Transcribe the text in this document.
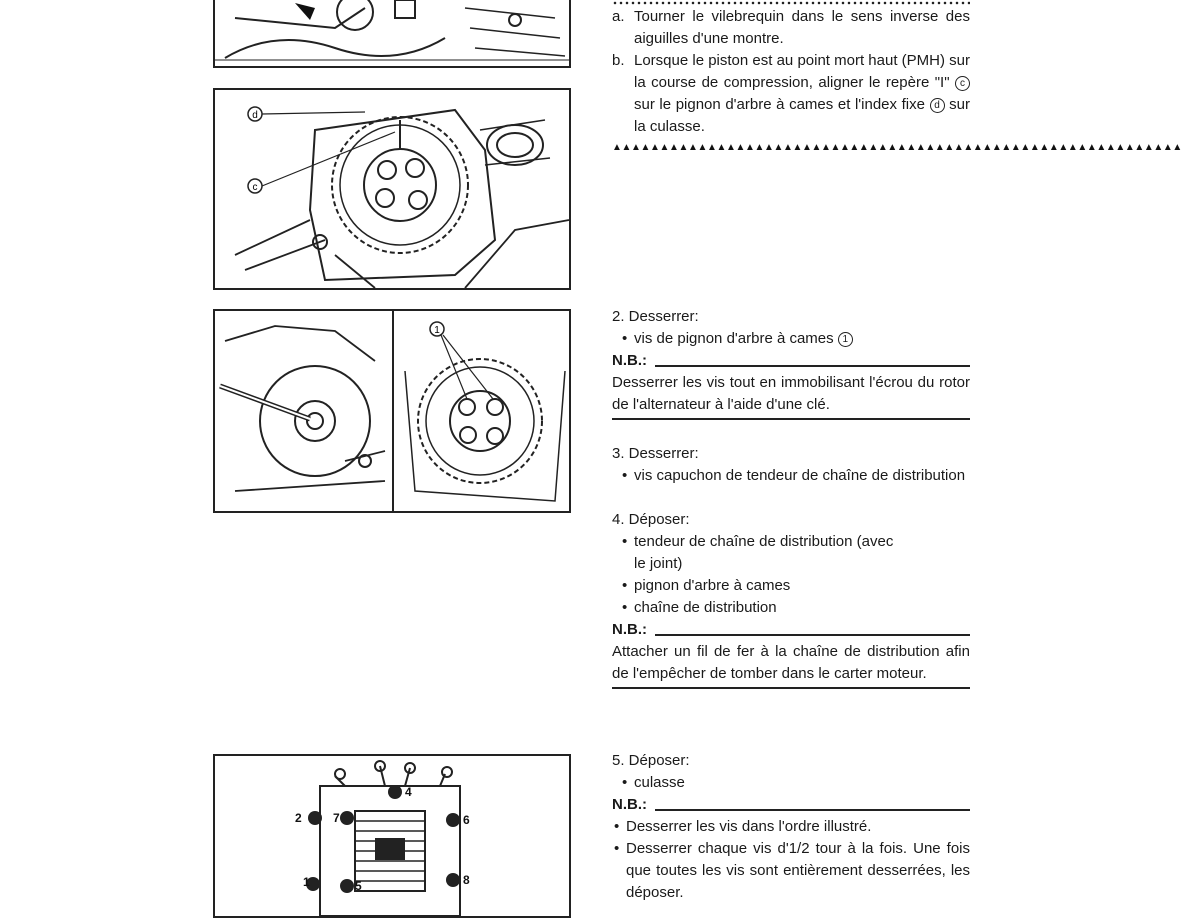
d
c
1
1
2
5
6
7
8
4
a. Tourner le vilebrequin dans le sens inverse des aiguilles d'une montre.
b. Lorsque le piston est au point mort haut (PMH) sur la course de compression, aligner le repère "I" c sur le pignon d'arbre à cames et l'index fixe d sur la culasse.
▲▲▲▲▲▲▲▲▲▲▲▲▲▲▲▲▲▲▲▲▲▲▲▲▲▲▲▲▲▲▲▲▲▲▲▲▲▲▲▲▲▲▲▲▲▲▲▲▲▲▲▲▲▲▲▲▲▲▲▲
2. Desserrer:
• vis de pignon d'arbre à cames 1
N.B.:
Desserrer les vis tout en immobilisant l'écrou du rotor de l'alternateur à l'aide d'une clé.
3. Desserrer:
• vis capuchon de tendeur de chaîne de distribution
4. Déposer:
• tendeur de chaîne de distribution (avec le joint)
• pignon d'arbre à cames
• chaîne de distribution
N.B.:
Attacher un fil de fer à la chaîne de distribution afin de l'empêcher de tomber dans le carter moteur.
5. Déposer:
• culasse
N.B.:
• Desserrer les vis dans l'ordre illustré.
• Desserrer chaque vis d'1/2 tour à la fois. Une fois que toutes les vis sont entièrement desserrées, les déposer.
